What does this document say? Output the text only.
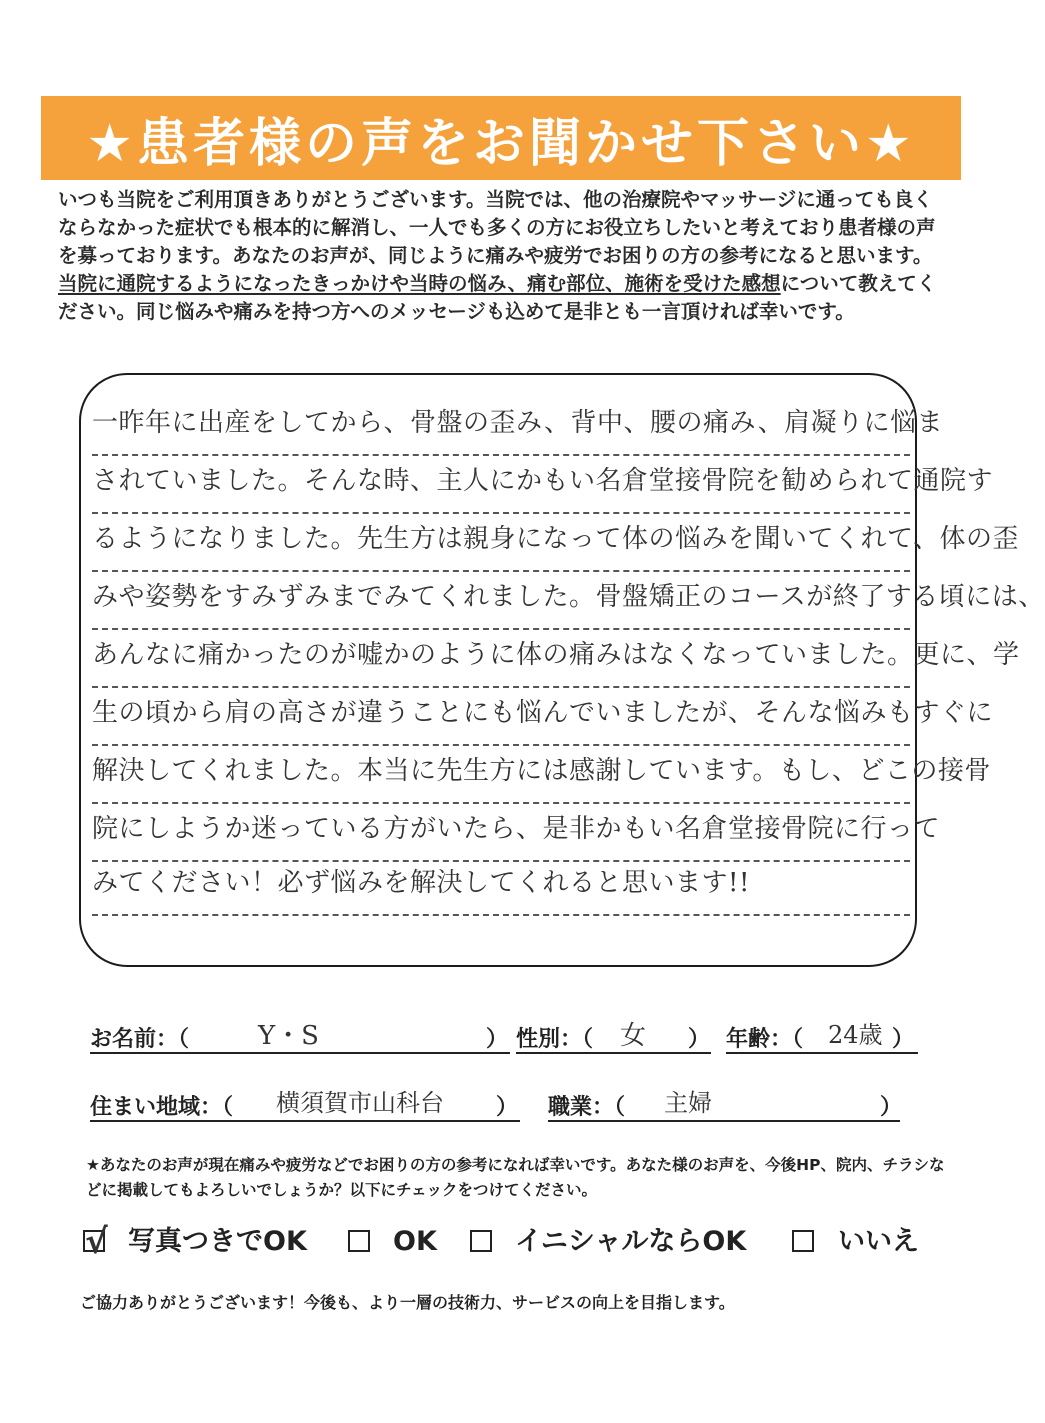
★患者様の声をお聞かせ下さい★
いつも当院をご利用頂きありがとうございます。当院では、他の治療院やマッサージに通っても良くならなかった症状でも根本的に解消し、一人でも多くの方にお役立ちしたいと考えており患者様の声を募っております。あなたのお声が、同じように痛みや疲労でお困りの方の参考になると思います。当院に通院するようになったきっかけや当時の悩み、痛む部位、施術を受けた感想について教えてください。同じ悩みや痛みを持つ方へのメッセージも込めて是非とも一言頂ければ幸いです。
一昨年に出産をしてから、骨盤の歪み、背中、腰の痛み、肩凝りに悩ま
されていました。そんな時、主人にかもい名倉堂接骨院を勧められて通院す
るようになりました。先生方は親身になって体の悩みを聞いてくれて、体の歪
みや姿勢をすみずみまでみてくれました。骨盤矯正のコースが終了する頃には、
あんなに痛かったのが嘘かのように体の痛みはなくなっていました。更に、学
生の頃から肩の高さが違うことにも悩んでいましたが、そんな悩みもすぐに
解決してくれました。本当に先生方には感謝しています。もし、どこの接骨
院にしようか迷っている方がいたら、是非かもい名倉堂接骨院に行って
みてください！必ず悩みを解決してくれると思います!!
お名前：（	Y・S	） 性別：（ 女 ） 年齢：（ 24歳 ）
住まい地域：（ 横須賀市山科台 ） 職業：（ 主婦	）
★あなたのお声が現在痛みや疲労などでお困りの方の参考になれば幸いです。あなた様のお声を、今後HP、院内、チラシなどに掲載してもよろしいでしょうか？以下にチェックをつけてください。
√ 写真つきでOK	OK	イニシャルならOK	いいえ
ご協力ありがとうございます！今後も、より一層の技術力、サービスの向上を目指します。
